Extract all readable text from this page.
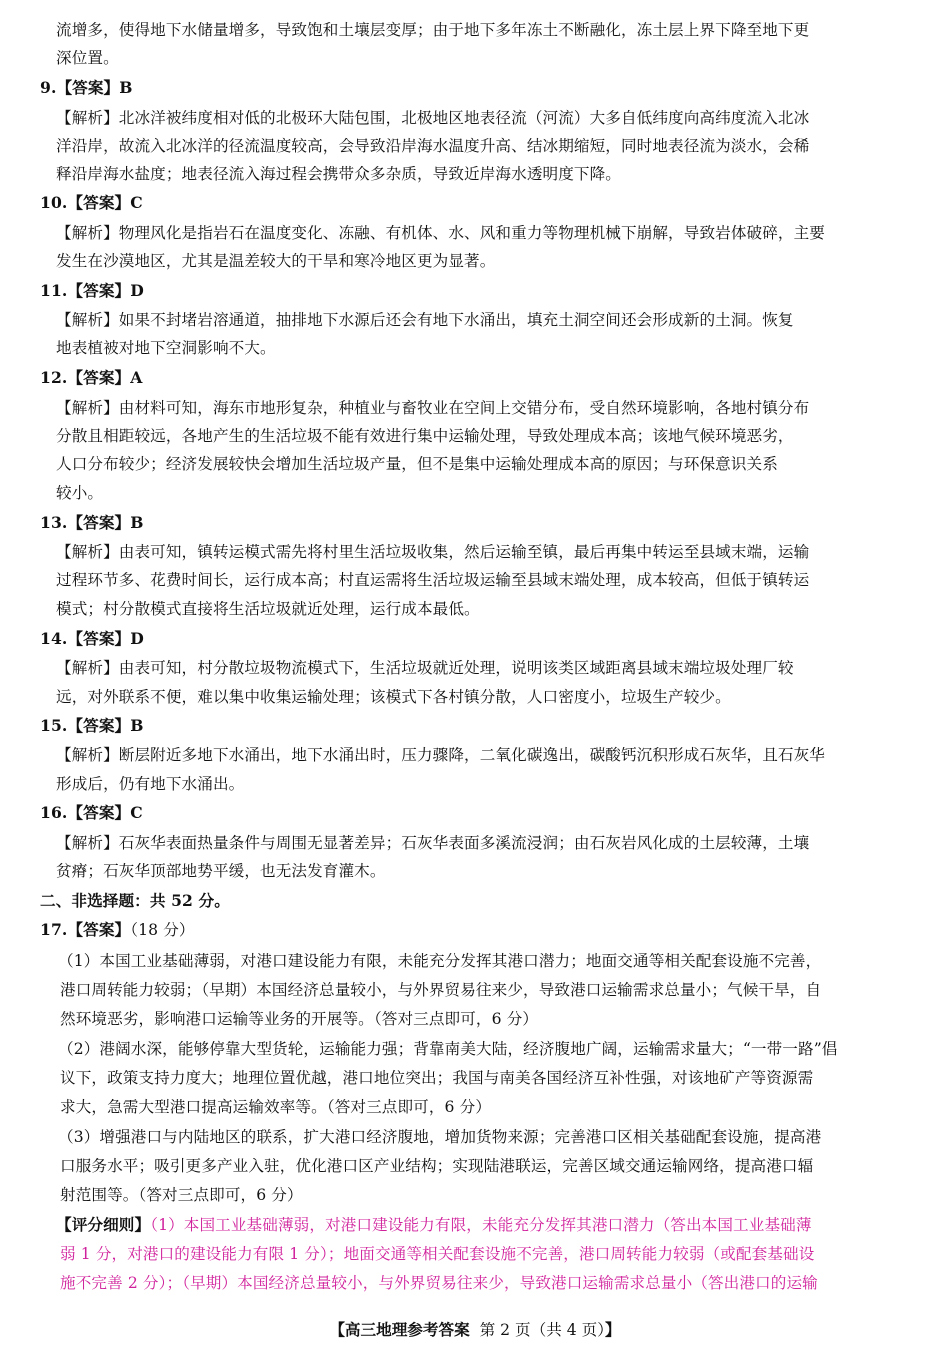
流增多，使得地下水储量增多，导致饱和土壤层变厚；由于地下多年冻土不断融化，冻土层上界下降至地下更
深位置。
9.【答案】B
【解析】北冰洋被纬度相对低的北极环大陆包围，北极地区地表径流（河流）大多自低纬度向高纬度流入北冰
洋沿岸，故流入北冰洋的径流温度较高，会导致沿岸海水温度升高、结冰期缩短，同时地表径流为淡水，会稀
释沿岸海水盐度；地表径流入海过程会携带众多杂质，导致近岸海水透明度下降。
10.【答案】C
【解析】物理风化是指岩石在温度变化、冻融、有机体、水、风和重力等物理机械下崩解，导致岩体破碎，主要
发生在沙漠地区，尤其是温差较大的干旱和寒冷地区更为显著。
11.【答案】D
【解析】如果不封堵岩溶通道，抽排地下水源后还会有地下水涌出，填充土洞空间还会形成新的土洞。恢复
地表植被对地下空洞影响不大。
12.【答案】A
【解析】由材料可知，海东市地形复杂，种植业与畜牧业在空间上交错分布，受自然环境影响，各地村镇分布
分散且相距较远，各地产生的生活垃圾不能有效进行集中运输处理，导致处理成本高；该地气候环境恶劣，
人口分布较少；经济发展较快会增加生活垃圾产量，但不是集中运输处理成本高的原因；与环保意识关系
较小。
13.【答案】B
【解析】由表可知，镇转运模式需先将村里生活垃圾收集，然后运输至镇，最后再集中转运至县域末端，运输
过程环节多、花费时间长，运行成本高；村直运需将生活垃圾运输至县域末端处理，成本较高，但低于镇转运
模式；村分散模式直接将生活垃圾就近处理，运行成本最低。
14.【答案】D
【解析】由表可知，村分散垃圾物流模式下，生活垃圾就近处理，说明该类区域距离县域末端垃圾处理厂较
远，对外联系不便，难以集中收集运输处理；该模式下各村镇分散，人口密度小，垃圾生产较少。
15.【答案】B
【解析】断层附近多地下水涌出，地下水涌出时，压力骤降，二氧化碳逸出，碳酸钙沉积形成石灰华，且石灰华
形成后，仍有地下水涌出。
16.【答案】C
【解析】石灰华表面热量条件与周围无显著差异；石灰华表面多溪流浸润；由石灰岩风化成的土层较薄，土壤
贫瘠；石灰华顶部地势平缓，也无法发育灌木。
二、非选择题：共 52 分。
17.【答案】（18 分）
（1）本国工业基础薄弱，对港口建设能力有限，未能充分发挥其港口潜力；地面交通等相关配套设施不完善，
港口周转能力较弱；（早期）本国经济总量较小，与外界贸易往来少，导致港口运输需求总量小；气候干旱，自
然环境恶劣，影响港口运输等业务的开展等。（答对三点即可，6 分）
（2）港阔水深，能够停靠大型货轮，运输能力强；背靠南美大陆，经济腹地广阔，运输需求量大；“一带一路”倡
议下，政策支持力度大；地理位置优越，港口地位突出；我国与南美各国经济互补性强，对该地矿产等资源需
求大，急需大型港口提高运输效率等。（答对三点即可，6 分）
（3）增强港口与内陆地区的联系，扩大港口经济腹地，增加货物来源；完善港口区相关基础配套设施，提高港
口服务水平；吸引更多产业入驻，优化港口区产业结构；实现陆港联运，完善区域交通运输网络，提高港口辐
射范围等。（答对三点即可，6 分）
【评分细则】（1）本国工业基础薄弱，对港口建设能力有限，未能充分发挥其港口潜力（答出本国工业基础薄
弱 1 分，对港口的建设能力有限 1 分）；地面交通等相关配套设施不完善，港口周转能力较弱（或配套基础设
施不完善 2 分）；（早期）本国经济总量较小，与外界贸易往来少，导致港口运输需求总量小（答出港口的运输
【高三地理参考答案 第 2 页（共 4 页）】
